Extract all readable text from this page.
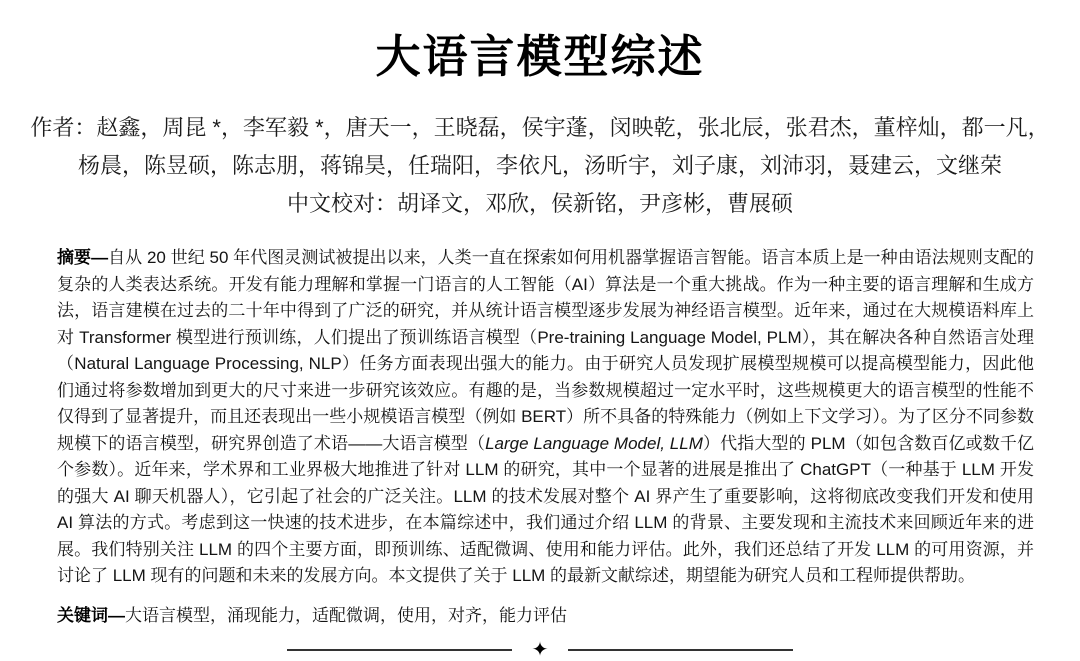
大语言模型综述
作者：赵鑫，周昆 *，李军毅 *，唐天一，王晓磊，侯宇蓬，闵映乾，张北辰，张君杰，董梓灿，都一凡，
杨晨，陈昱硕，陈志朋，蒋锦昊，任瑞阳，李依凡，汤昕宇，刘子康，刘沛羽，聂建云，文继荣
中文校对：胡译文，邓欣，侯新铭，尹彦彬，曹展硕

摘要—自从 20 世纪 50 年代图灵测试被提出以来，人类一直在探索如何用机器掌握语言智能。语言本质上是一种由语法规则支配的复杂的人类表达系统。开发有能力理解和掌握一门语言的人工智能（AI）算法是一个重大挑战。作为一种主要的语言理解和生成方法，语言建模在过去的二十年中得到了广泛的研究，并从统计语言模型逐步发展为神经语言模型。近年来，通过在大规模语料库上对 Transformer 模型进行预训练，人们提出了预训练语言模型（Pre-training Language Model, PLM），其在解决各种自然语言处理（Natural Language Processing, NLP）任务方面表现出强大的能力。由于研究人员发现扩展模型规模可以提高模型能力，因此他们通过将参数增加到更大的尺寸来进一步研究该效应。有趣的是，当参数规模超过一定水平时，这些规模更大的语言模型的性能不仅得到了显著提升，而且还表现出一些小规模语言模型（例如 BERT）所不具备的特殊能力（例如上下文学习）。为了区分不同参数规模下的语言模型，研究界创造了术语——大语言模型（Large Language Model, LLM）代指大型的 PLM（如包含数百亿或数千亿个参数）。近年来，学术界和工业界极大地推进了针对 LLM 的研究，其中一个显著的进展是推出了 ChatGPT（一种基于 LLM 开发的强大 AI 聊天机器人），它引起了社会的广泛关注。LLM 的技术发展对整个 AI 界产生了重要影响，这将彻底改变我们开发和使用 AI 算法的方式。考虑到这一快速的技术进步，在本篇综述中，我们通过介绍 LLM 的背景、主要发现和主流技术来回顾近年来的进展。我们特别关注 LLM 的四个主要方面，即预训练、适配微调、使用和能力评估。此外，我们还总结了开发 LLM 的可用资源，并讨论了 LLM 现有的问题和未来的发展方向。本文提供了关于 LLM 的最新文献综述，期望能为研究人员和工程师提供帮助。

关键词—大语言模型，涌现能力，适配微调，使用，对齐，能力评估

✦
